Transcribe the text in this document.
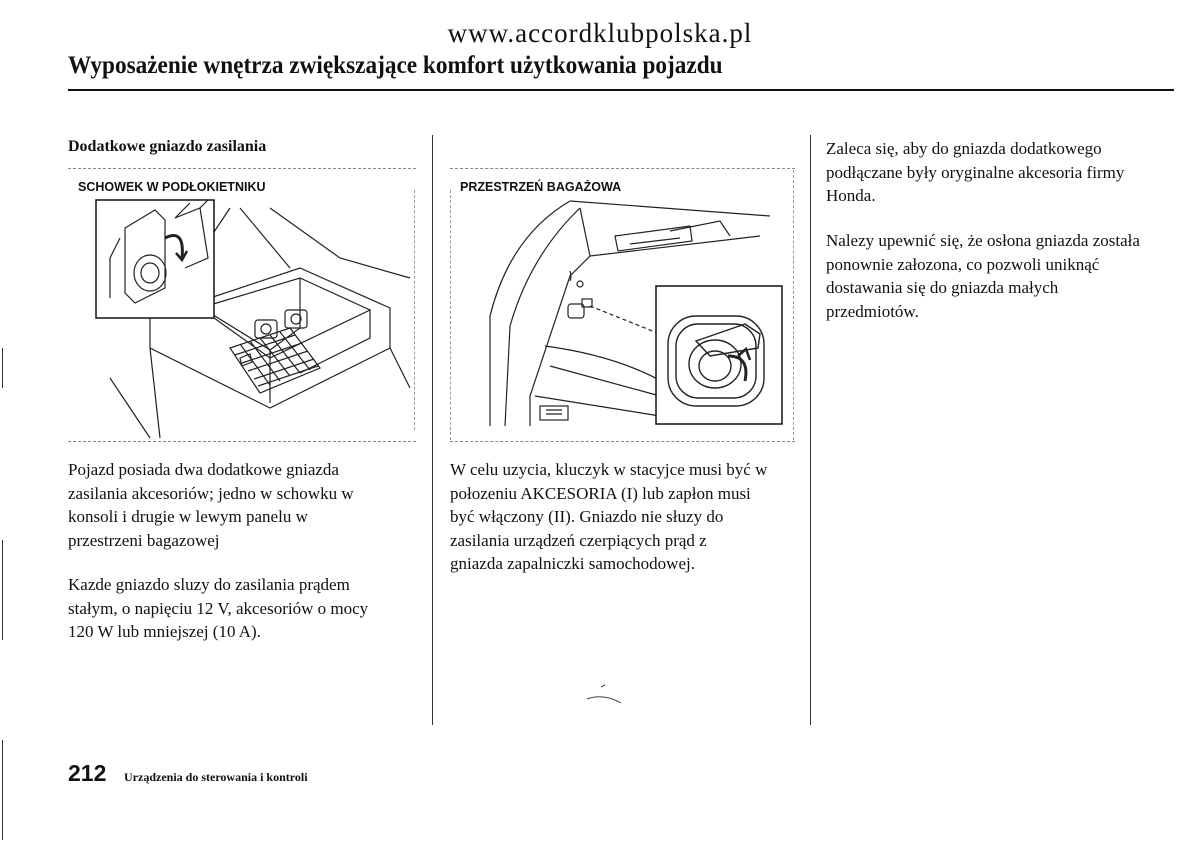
www.accordklubpolska.pl
Wyposażenie wnętrza zwiększające komfort użytkowania pojazdu
Dodatkowe gniazdo zasilania
SCHOWEK W PODŁOKIETNIKU
Pojazd posiada dwa dodatkowe gniazda
zasilania akcesoriów; jedno w schowku w
konsoli i drugie w lewym panelu w
przestrzeni bagazowej
Kazde gniazdo sluzy do zasilania prądem
stałym, o napięciu 12 V, akcesoriów o mocy
120 W lub mniejszej (10 A).
PRZESTRZEŃ BAGAŻOWA
W celu uzycia, kluczyk w stacyjce musi być w
połozeniu AKCESORIA (I) lub zapłon musi
być włączony (II). Gniazdo nie słuzy do
zasilania urządzeń czerpiących prąd z
gniazda zapalniczki samochodowej.
Zaleca się, aby do gniazda dodatkowego
podłączane były oryginalne akcesoria firmy
Honda.
Nalezy upewnić się, że osłona gniazda została
ponownie załozona, co pozwoli uniknąć
dostawania się do gniazda małych
przedmiotów.
212 Urządzenia do sterowania i kontroli
